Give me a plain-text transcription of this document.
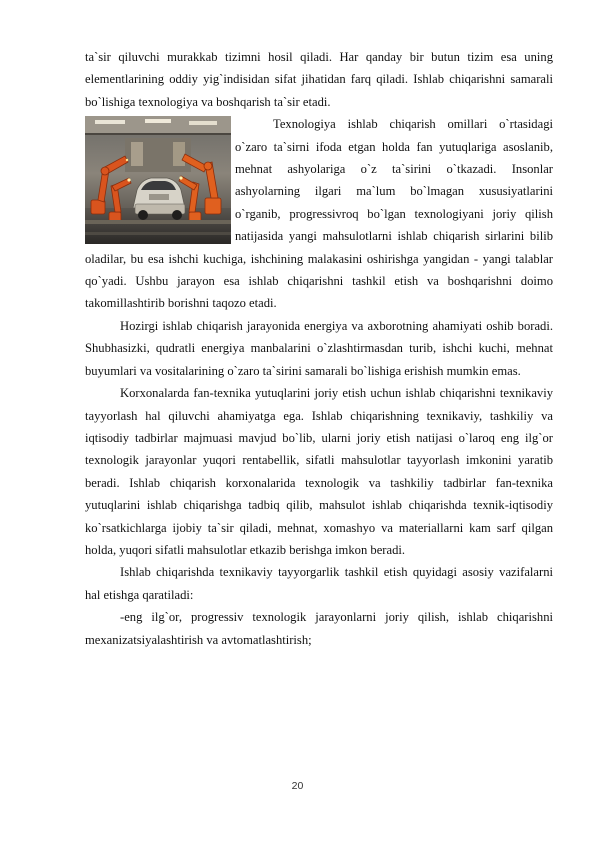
ta`sir qiluvchi murakkab tizimni hosil qiladi. Har qanday bir butun tizim esa uning elementlarining oddiy yig`indisidan sifat jihatidan farq qiladi. Ishlab chiqarishni samarali bo`lishiga texnologiya va boshqarish ta`sir etadi.

Texnologiya ishlab chiqarish omillari o`rtasidagi o`zaro ta`sirni ifoda etgan holda fan yutuqlariga asoslanib, mehnat ashyolariga o`z ta`sirini o`tkazadi. Insonlar ashyolarning ilgari ma`lum bo`lmagan xususiyatlarini o`rganib, progressivroq bo`lgan texnologiyani joriy qilish natijasida yangi mahsulotlarni ishlab chiqarish sirlarini bilib oladilar, bu esa ishchi kuchiga, ishchining malakasini oshirishga yangidan - yangi talablar qo`yadi. Ushbu jarayon esa ishlab chiqarishni tashkil etish va boshqarishni doimo takomillashtirib borishni taqozo etadi.

Hozirgi ishlab chiqarish jarayonida energiya va axborotning ahamiyati oshib boradi. Shubhasizki, qudratli energiya manbalarini o`zlashtirmasdan turib, ishchi kuchi, mehnat buyumlari va vositalarining o`zaro ta`sirini samarali bo`lishiga erishish mumkin emas.

Korxonalarda fan-texnika yutuqlarini joriy etish uchun ishlab chiqarishni texnikaviy tayyorlash hal qiluvchi ahamiyatga ega. Ishlab chiqarishning texnikaviy, tashkiliy va iqtisodiy tadbirlar majmuasi mavjud bo`lib, ularni joriy etish natijasi o`laroq eng ilg`or texnologik jarayonlar yuqori rentabellik, sifatli mahsulotlar tayyorlash imkonini yaratib beradi. Ishlab chiqarish korxonalarida texnologik va tashkiliy tadbirlar fan-texnika yutuqlarini ishlab chiqarishga tadbiq qilib, mahsulot ishlab chiqarishda texnik-iqtisodiy ko`rsatkichlarga ijobiy ta`sir qiladi, mehnat, xomashyo va materiallarni kam sarf qilgan holda, yuqori sifatli mahsulotlar etkazib berishga imkon beradi.

Ishlab chiqarishda texnikaviy tayyorgarlik tashkil etish quyidagi asosiy vazifalarni hal etishga qaratiladi:

-eng ilg`or, progressiv texnologik jarayonlarni joriy qilish, ishlab chiqarishni mexanizatsiyalashtirish va avtomatlashtirish;

20
